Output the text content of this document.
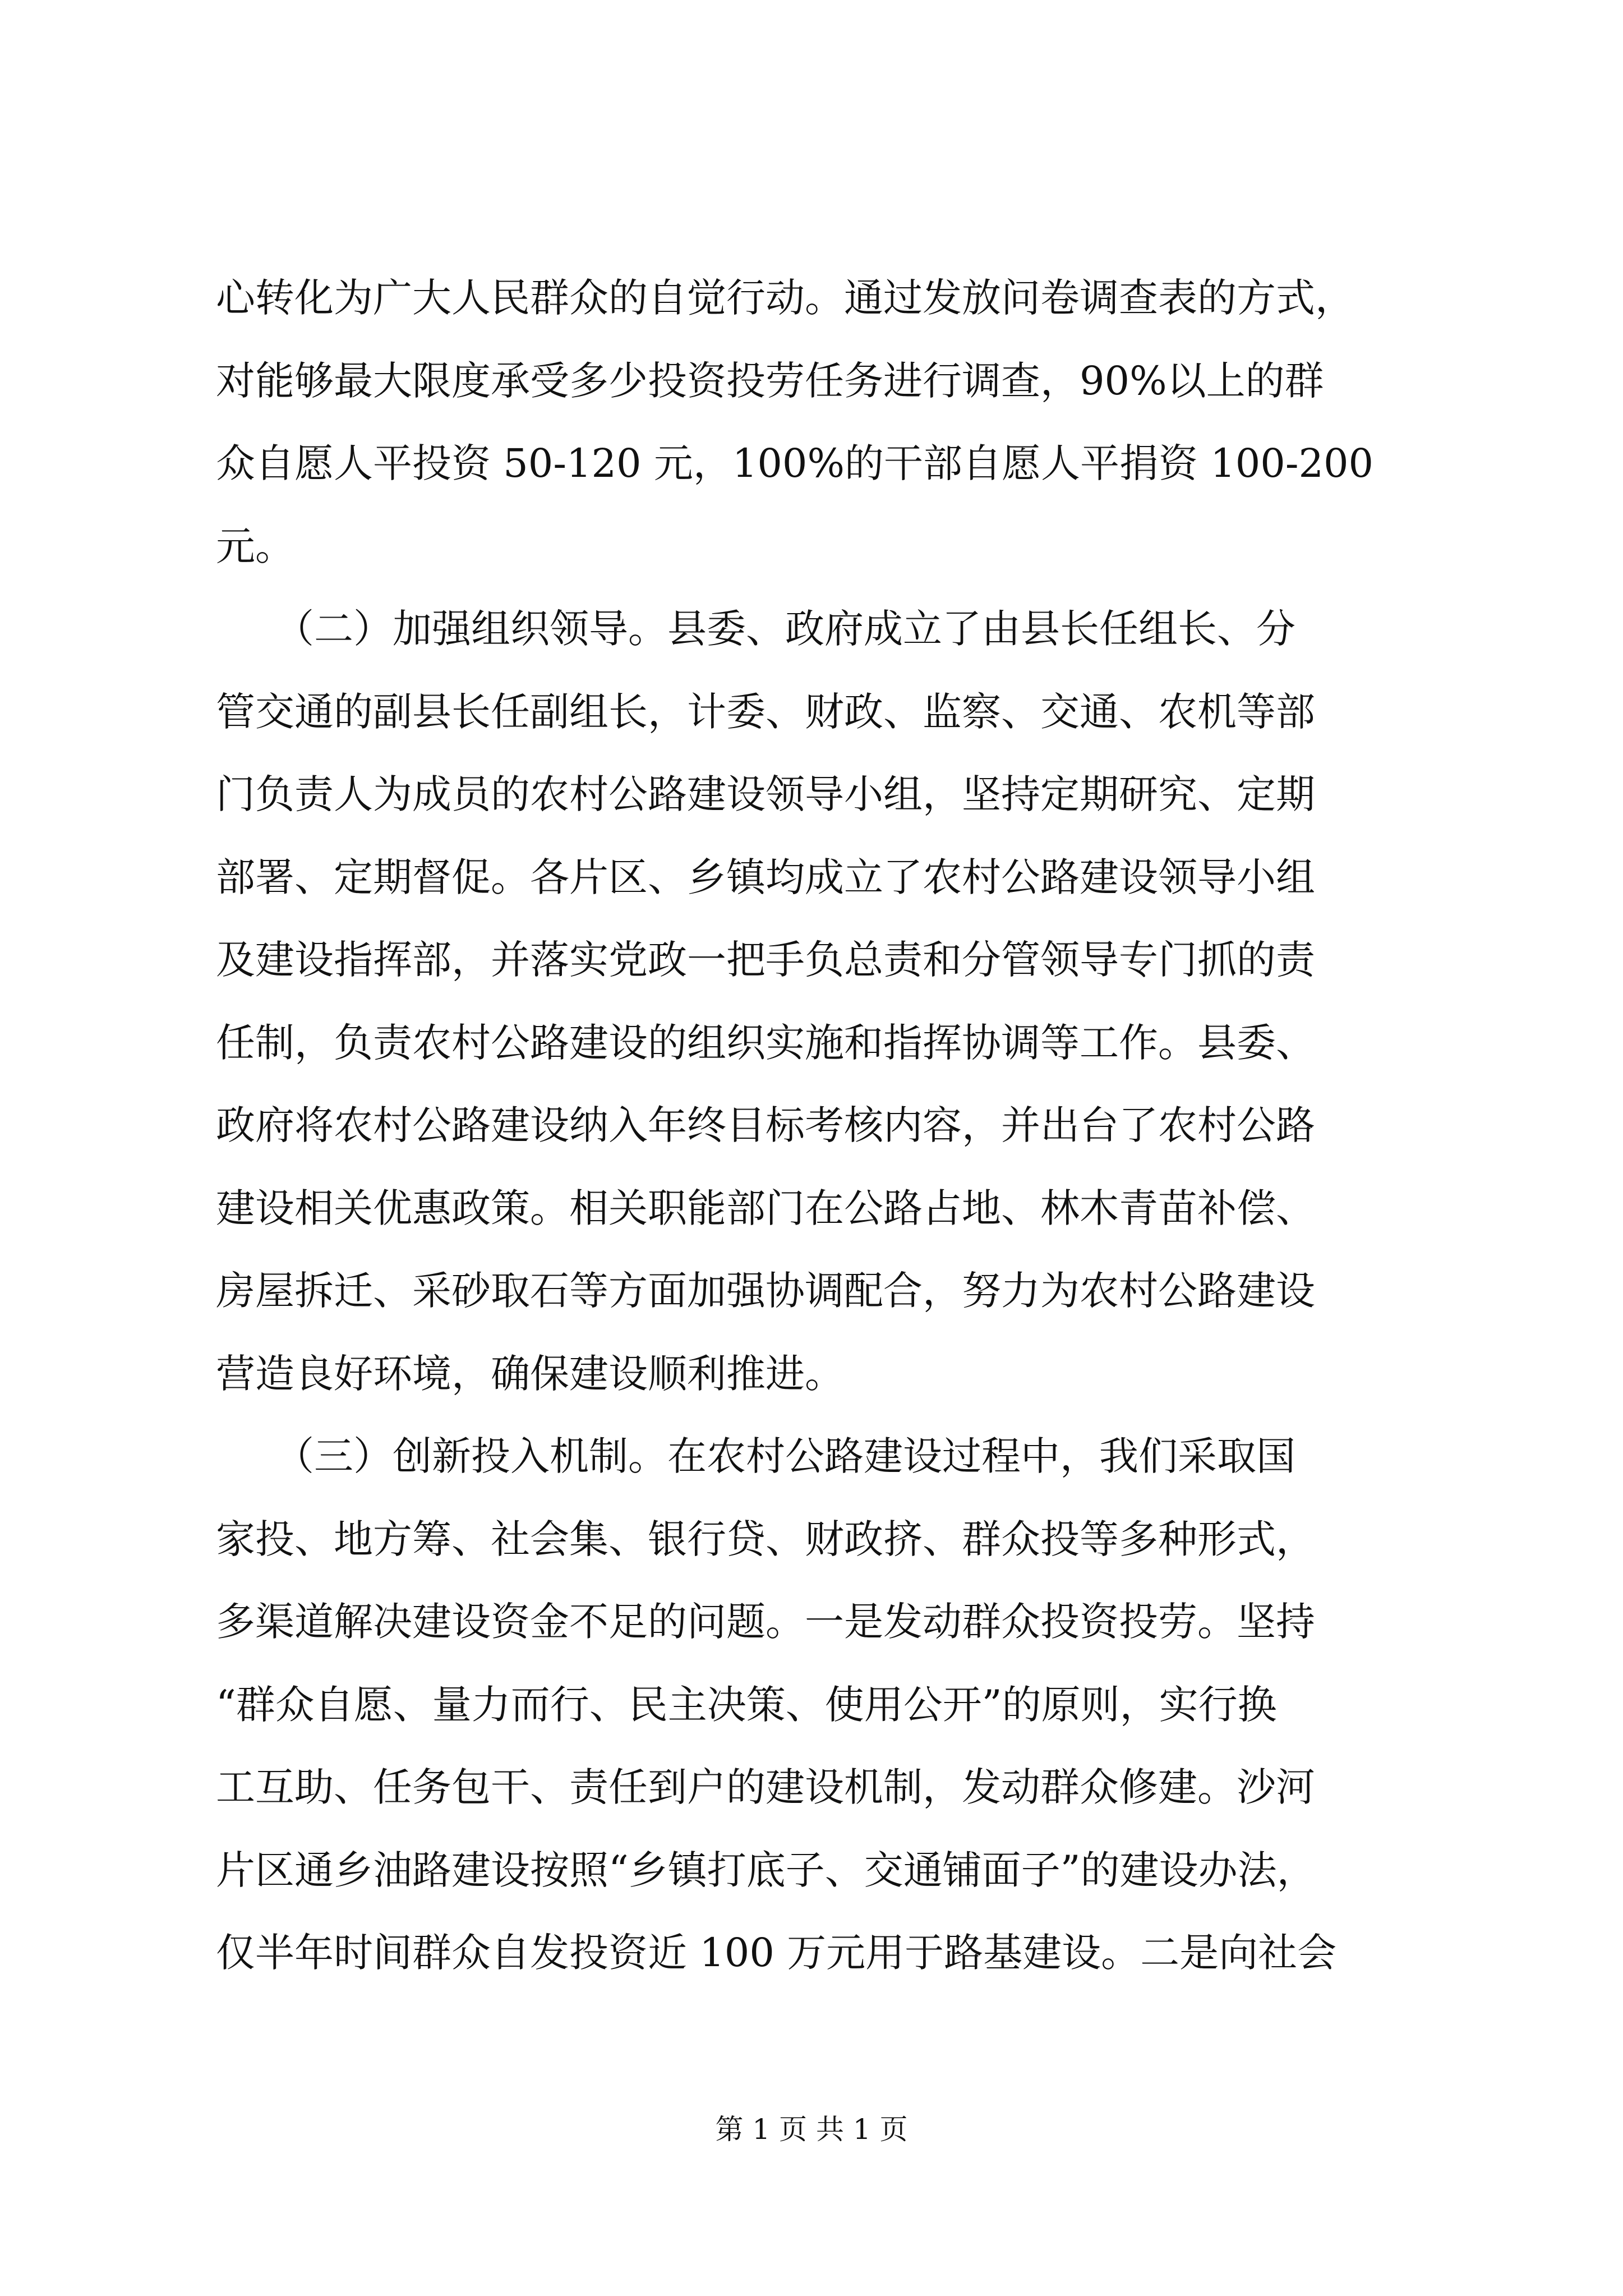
心转化为广大人民群众的自觉行动。通过发放问卷调查表的方式，
对能够最大限度承受多少投资投劳任务进行调查，90%以上的群
众自愿人平投资 50-120 元，100%的干部自愿人平捐资 100-200
元。
　　（二）加强组织领导。县委、政府成立了由县长任组长、分
管交通的副县长任副组长，计委、财政、监察、交通、农机等部
门负责人为成员的农村公路建设领导小组，坚持定期研究、定期
部署、定期督促。各片区、乡镇均成立了农村公路建设领导小组
及建设指挥部，并落实党政一把手负总责和分管领导专门抓的责
任制，负责农村公路建设的组织实施和指挥协调等工作。县委、
政府将农村公路建设纳入年终目标考核内容，并出台了农村公路
建设相关优惠政策。相关职能部门在公路占地、林木青苗补偿、
房屋拆迁、采砂取石等方面加强协调配合，努力为农村公路建设
营造良好环境，确保建设顺利推进。
　　（三）创新投入机制。在农村公路建设过程中，我们采取国
家投、地方筹、社会集、银行贷、财政挤、群众投等多种形式，
多渠道解决建设资金不足的问题。一是发动群众投资投劳。坚持
“群众自愿、量力而行、民主决策、使用公开”的原则，实行换
工互助、任务包干、责任到户的建设机制，发动群众修建。沙河
片区通乡油路建设按照“乡镇打底子、交通铺面子”的建设办法，
仅半年时间群众自发投资近 100 万元用于路基建设。二是向社会
第 1 页 共 1 页
